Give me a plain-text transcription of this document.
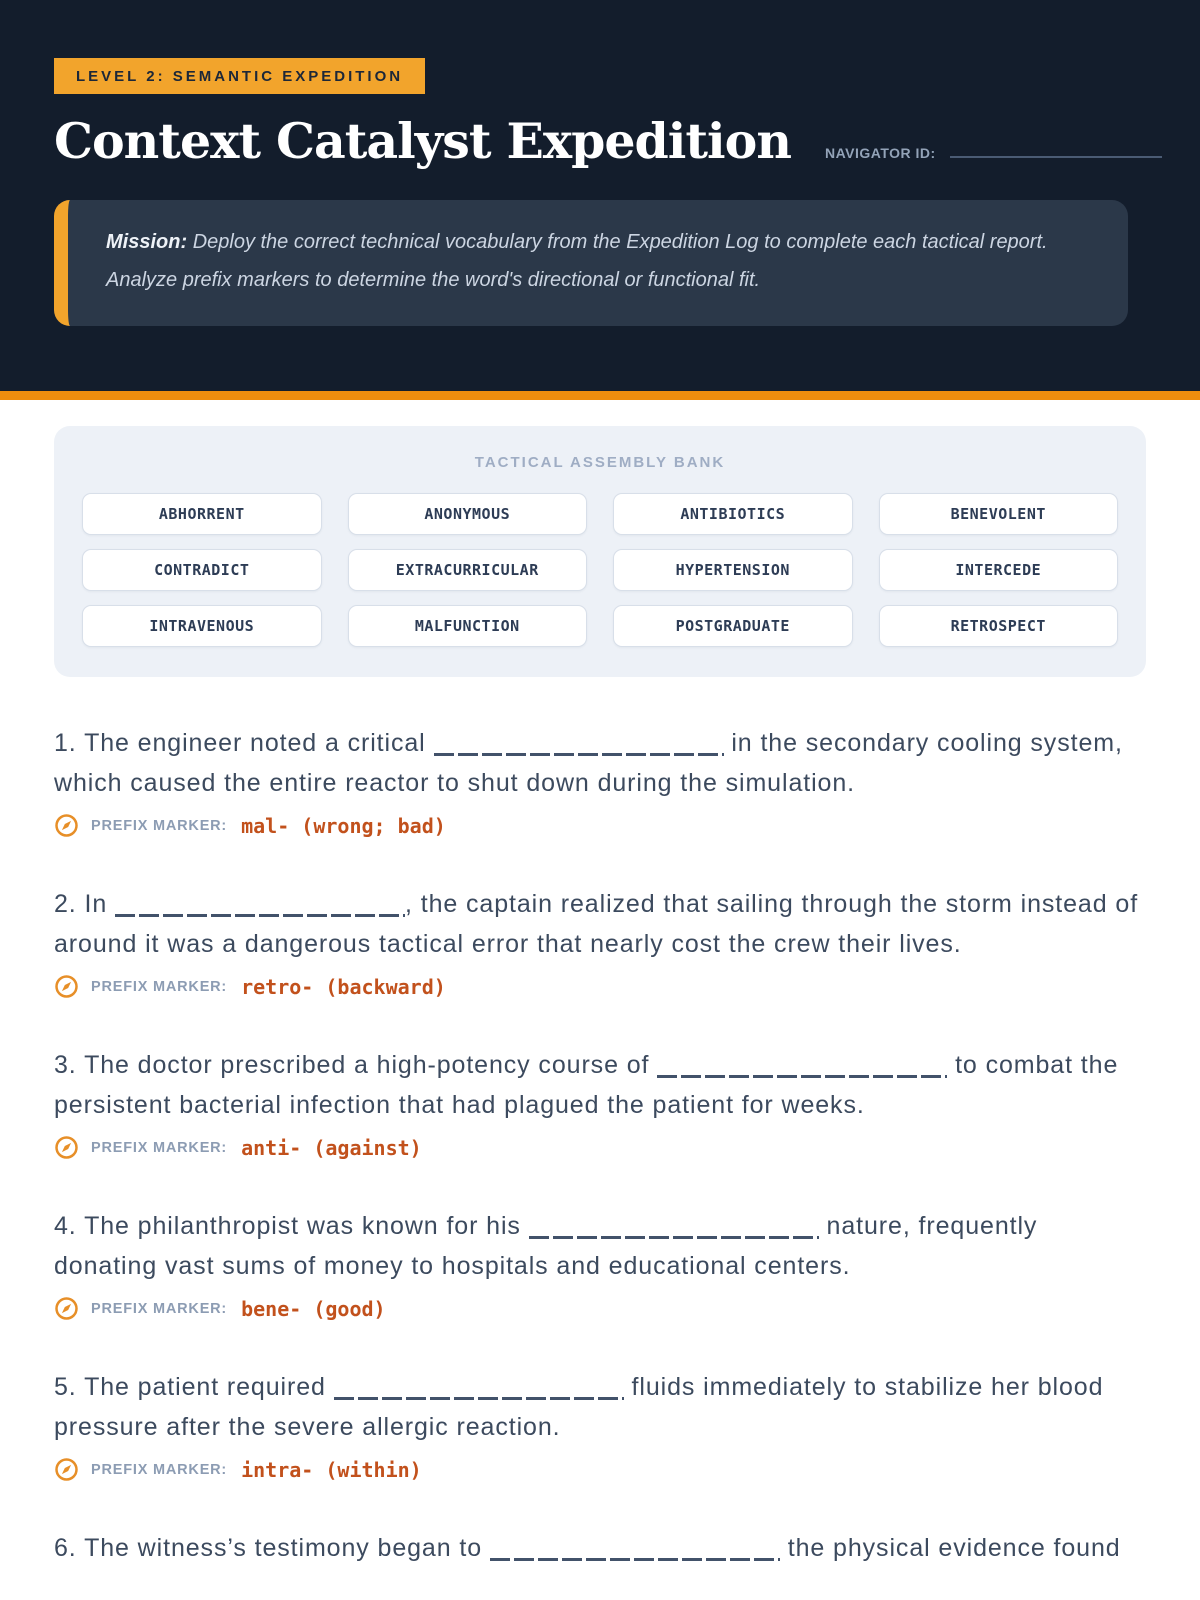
LEVEL 2: SEMANTIC EXPEDITION
Context Catalyst Expedition NAVIGATOR ID:
Mission: Deploy the correct technical vocabulary from the Expedition Log to complete each tactical report. Analyze prefix markers to determine the word's directional or functional fit.
TACTICAL ASSEMBLY BANK
ABHORRENT	ANONYMOUS	ANTIBIOTICS	BENEVOLENT
CONTRADICT	EXTRACURRICULAR	HYPERTENSION	INTERCEDE
INTRAVENOUS	MALFUNCTION	POSTGRADUATE	RETROSPECT

1. The engineer noted a critical	in the secondary cooling system, which caused the entire reactor to shut down during the simulation.

PREFIX MARKER: mal- (wrong; bad)

2. In	, the captain realized that sailing through the storm instead of around it was a dangerous tactical error that nearly cost the crew their lives.

PREFIX MARKER: retro- (backward)

3. The doctor prescribed a high-potency course of	to combat the persistent bacterial infection that had plagued the patient for weeks.

PREFIX MARKER: anti- (against)

4. The philanthropist was known for his	nature, frequently donating vast sums of money to hospitals and educational centers.

PREFIX MARKER: bene- (good)

5. The patient required	fluids immediately to stabilize her blood pressure after the severe allergic reaction.

PREFIX MARKER: intra- (within)

6. The witness’s testimony began to	the physical evidence found
